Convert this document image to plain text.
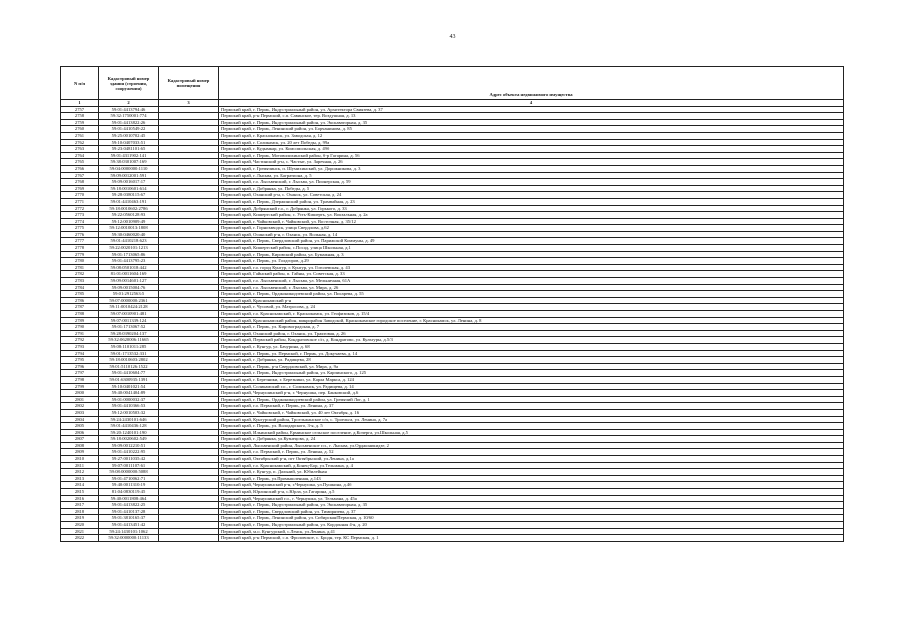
43
N п/п	Кадастровый номер здания (строения, сооружения)	Кадастровый номер помещения	Адрес объекта недвижимого имущества
1	2	3	4
2757	59:01:4413794:46		Пермский край, г. Пермь, Индустриальный район, ул. Архитектора Свиязева, д. 37
2758	59:32:1750001:774		Пермский край, р-н Пермский, с.п. Савинское, тер. Воздушная, д. 13
2759	59:01:4413822:26		Пермский край, г. Пермь, Индустриальный район, ул. Экскаваторная, д. 35
2760	59:01:4410549:22		Пермский край, г. Пермь, Ленинский район, ул. Борчанинова, д. 85
2761	59:25:0010702:45		Пермский край, г. Краснокамск, ул. Заводская, д. 12
2762	59:10:0407033:51		Пермский край, г. Соликамск, ул. 20 лет Победы, д. 99а
2763	59:23:0481101:65		Пермский край, г. Кудымкар, ул. Комсомольская, д. 49б
2764	59:01:4311902:141		Пермский край, г. Пермь, Мотовилихинский район, б-р Гагарина, д. 56
2765	59:38:0301007:169		Пермский край, Частинский р-н, с. Частые, ул. Заречная, д. 26
2766	59:04:0000000:1110		Пермский край, г. Гремячинск, п. Шумихинский, ул. Дорожникова, д. 3
2767	59:09:0012001:591		Пермский край, г. Лысьва, ул. Багратиона, д. 5
2768	59:09:0016017:17		Пермский край, г.о. Лысьвенский, г. Лысьва, ул. Пионерская, д. 59
2769	59:18:0010601:614		Пермский край, г. Добрянка, ул. Победы, д. 5
2770	59:28:0380115:67		Пермский край, Оханский р-н, с. Оханск, ул. Советская, д. 24
2771	59:01:4410463:191		Пермский край, г. Пермь, Дзержинский район, ул. Трамвайная, д. 23
2772	59:18:0010602:2786		Пермский край, Добрянский г.о., г. Добрянка, ул. Горького, д. 33
2773	59:22:0560128:93		Пермский край, Кишертский район, с. Усть-Кишерть, ул. Вокзальная, д. 2а
2774	59:12:0010909:49		Пермский край, г. Чайковский, г. Чайковский, ул. Восточная, д. 35/12
2775	59:12:0010013:1808		Пермский край, г. Горнозаводск, улица Свердлова, д.62
2776	59:30:0460020:40		Пермский край, Осинский р-н, г. Оханск, ул. Вольная, д. 14
2777	59:01:4410218:623		Пермский край, г. Пермь, Свердловский район, ул. Парижской Коммуны, д. 49
2778	59:22:0020101:1213		Пермский край, Кишертский район, с.Посад, улица Школьная, д.1
2779	59:01:1713065:86		Пермский край, г. Пермь, Кировский район, ул. Бумажная, д. 3
2780	59:01:4413795:23		Пермский край, г. Пермь, ул. Голдгоров, д.29
2781	59:08:0501018:442		Пермский край, г.о. город Кунгур, г. Кунгур, ул. Гоголевская, д. 43
2782	81:01:0011604:169		Пермский край, Гайнский район, п. Гайны, ул. Советская, д. 33
2783	59:09:0014601:127		Пермский край, г.о. Лысьвенский, г. Лысьва, ул. Мельничная, 61А
2784	59:09:0015004:76		Пермский край, г.о. Лысьвенский, г. Лысьва, ул. Мира, д. 26
2785	59:01:2912563:5		Пермский край, г. Пермь, Орджоникидзевский район, ул. Писарева, д. 55
2786	59:07:0000000:2361		Пермский край, Краснокамский р-н
2787	59:11:0010424:2128		Пермский край, г. Чусовой, ул. Матросова, д. 24
2788	59:07:0010901:481		Пермский край, г.о. Краснокамский, г. Краснокамск, ул. Геофизиков, д. 15/4
2789	59:07:0011339:124		Пермский край, Краснокамский район, микрорайон Заводской, Краснокамское городское поселение, г. Краснокамск, ул. Ленина, д. 8
2790	59:01:1713067:52		Пермский край, г. Пермь, ул. Кировоградская, д. 7
2791	59:28:0390204:137		Пермский край, Оханский район, г. Оханск, ул. Трактовая, д. 26
2792	59:32:0620006:11665		Пермский край, Пермский район, Кондратовское с/п, д. Кондратово, ул. Культуры, д.5/3
2793	59:08:1101011:285		Пермский край, г. Кунгур, ул. Бачурина, д. 68
2794	59:01:1713532:331		Пермский край, г. Пермь, ул. Пермской, г. Пермь, ул. Докучаева, д. 14
2795	59:18:0010603:2802		Пермский край, г. Добрянка, ул. Радищева, 28
2796	59:01:5110126:1522		Пермский край, г. Пермь, р-н Свердловский, ул. Мира, д. 9а
2797	59:01:4410604:77		Пермский край, г. Пермь, Индустриальный район, ул. Карпинского, д. 125
2798	59:01:6300935:1391		Пермский край, г. Березники, г. Березники, ул. Карла Маркса, д. 124
2799	59:10:0401021:54		Пермский край, Соликамский г.о., г. Соликамск, ул. Радищева, д. 14
2800	59:40:0041404:89		Пермский край, Чернушинский р-н, г. Чернушка, пер. Банковский, д.6
2801	59:01:0000032:37		Пермский край, г. Пермь, Орджоникидзевский район, ул. Гремячий Лог, д. 1
2802	59:01:4410366:53		Пермский край, г.о. Пермский, г. Пермь, ул. Ленина, д. 37
2803	59:12:0010503:32		Пермский край, г. Чайковский, г. Чайковский, ул. 40 лет Октября, д. 16
2804	59:24:2430101:646		Пермский край, Кунгурский район, Троельжанское с/п, с. Троельга, ул. Ленина, д. 7а
2805	59:01:4410436:128		Пермский край, г. Пермь, ул. Володарского, 3-я, д. 5
2806	59:20:1240101:190		Пермский край, Ильинский район, Ерминское сельское поселение, д.Кочерга, ул.Школьная, д.5
2807	59:18:0020602:549		Пермский край, г. Добрянка, ул.Кузнецова, д. 24
2808	59:09:0012210:51		Пермский край, Лысьвенский район, Лысьвенское г.п., г. Лысьва, ул.Орджоникидзе, 2
2809	59:01:4410222:95		Пермский край, г.о. Пермский, г. Пермь, ул. Ленина, д. 52
2810	59:27:0011035:42		Пермский край, Октябрьский р-н, пгт Октябрьский, ул.Ленина, д.1а
2811	59:07:0011107:61		Пермский край, г.о. Краснокамский, д.Конец-Бор, ул.Тельмана, д. 4
2812	59:08:0000000:5088		Пермский край, г. Кунгур, п. Дальний, ул. Юбилейная
2813	59:01:4710062:71		Пермский край, г. Пермь, ул.Промышленная, д.143
2814	59:40:0011310:19		Пермский край, Чернушинский р-н, г.Чернушка, ул.Пушкина, д.4б
2815	81:04:0830119:45		Пермский край, Юрлинский р-н, с.Юрла, ул.Гагарина, д.5
2816	59:40:0011808:464		Пермский край, Чернушинский г.о., г. Чернушка, ул. Тельмана, д. 45а
2817	59:01:4413822:25		Пермский край, г. Пермь, Индустриальный район, ул. Экскаваторная, д. 35
2818	59:01:4410137:28		Пермский край, г. Пермь, Свердловский район, ул. Тимирязева, д. 37
2819	59:01:3810165:37		Пермский край, г. Пермь, Ленинский район, ул. Сибирская/Пермская, д. 10/60
2820	59:01:4413451:42		Пермский край, г. Пермь, Индустриальный район, ул. Кордонная 4-я, д. 20
2821	59:24:1430101:1062		Пермский край, м.о. Кунгурский, с.Ленск, ул.Ленина, д.41
2822	59:32:0000000:11133		Пермский край, р-н Пермский, с.п. Фроловское, с. Бродн, тер. КС Пермская, д. 1
